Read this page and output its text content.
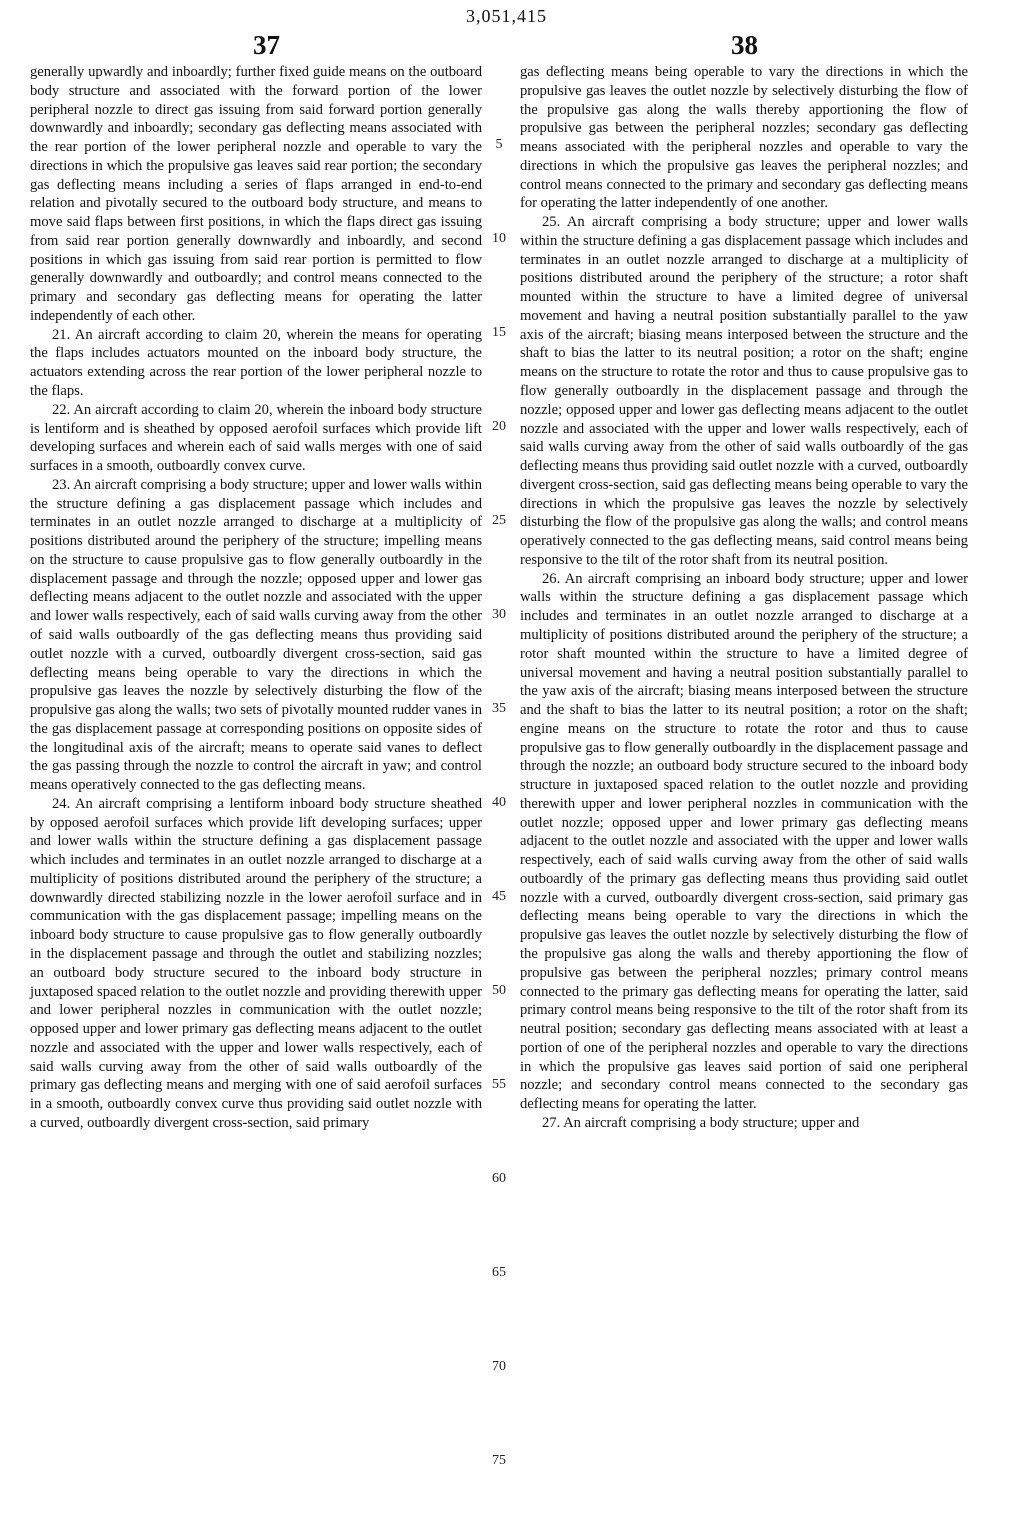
37
3,051,415
38

generally upwardly and inboardly; further fixed guide means on the outboard body structure and associated with the forward portion of the lower peripheral nozzle to direct gas issuing from said forward portion generally downwardly and inboardly; secondary gas deflecting means associated with the rear portion of the lower peripheral nozzle and operable to vary the directions in which the propulsive gas leaves said rear portion; the secondary gas deflecting means including a series of flaps arranged in end-to-end relation and pivotally secured to the outboard body structure, and means to move said flaps between first positions, in which the flaps direct gas issuing from said rear portion generally downwardly and inboardly, and second positions in which gas issuing from said rear portion is permitted to flow generally downwardly and outboardly; and control means connected to the primary and secondary gas deflecting means for operating the latter independently of each other.

21. An aircraft according to claim 20, wherein the means for operating the flaps includes actuators mounted on the inboard body structure, the actuators extending across the rear portion of the lower peripheral nozzle to the flaps.

22. An aircraft according to claim 20, wherein the inboard body structure is lentiform and is sheathed by opposed aerofoil surfaces which provide lift developing surfaces and wherein each of said walls merges with one of said surfaces in a smooth, outboardly convex curve.

23. An aircraft comprising a body structure; upper and lower walls within the structure defining a gas displacement passage which includes and terminates in an outlet nozzle arranged to discharge at a multiplicity of positions distributed around the periphery of the structure; impelling means on the structure to cause propulsive gas to flow generally outboardly in the displacement passage and through the nozzle; opposed upper and lower gas deflecting means adjacent to the outlet nozzle and associated with the upper and lower walls respectively, each of said walls curving away from the other of said walls outboardly of the gas deflecting means thus providing said outlet nozzle with a curved, outboardly divergent cross-section, said gas deflecting means being operable to vary the directions in which the propulsive gas leaves the nozzle by selectively disturbing the flow of the propulsive gas along the walls; two sets of pivotally mounted rudder vanes in the gas displacement passage at corresponding positions on opposite sides of the longitudinal axis of the aircraft; means to operate said vanes to deflect the gas passing through the nozzle to control the aircraft in yaw; and control means operatively connected to the gas deflecting means.

24. An aircraft comprising a lentiform inboard body structure sheathed by opposed aerofoil surfaces which provide lift developing surfaces; upper and lower walls within the structure defining a gas displacement passage which includes and terminates in an outlet nozzle arranged to discharge at a multiplicity of positions distributed around the periphery of the structure; a downwardly directed stabilizing nozzle in the lower aerofoil surface and in communication with the gas displacement passage; impelling means on the inboard body structure to cause propulsive gas to flow generally outboardly in the displacement passage and through the outlet and stabilizing nozzles; an outboard body structure secured to the inboard body structure in juxtaposed spaced relation to the outlet nozzle and providing therewith upper and lower peripheral nozzles in communication with the outlet nozzle; opposed upper and lower primary gas deflecting means adjacent to the outlet nozzle and associated with the upper and lower walls respectively, each of said walls curving away from the other of said walls outboardly of the primary gas deflecting means and merging with one of said aerofoil surfaces in a smooth, outboardly convex curve thus providing said outlet nozzle with a curved, outboardly divergent cross-section, said primary

gas deflecting means being operable to vary the directions in which the propulsive gas leaves the outlet nozzle by selectively disturbing the flow of the propulsive gas along the walls thereby apportioning the flow of propulsive gas between the peripheral nozzles; secondary gas deflecting means associated with the peripheral nozzles and operable to vary the directions in which the propulsive gas leaves the peripheral nozzles; and control means connected to the primary and secondary gas deflecting means for operating the latter independently of one another.

25. An aircraft comprising a body structure; upper and lower walls within the structure defining a gas displacement passage which includes and terminates in an outlet nozzle arranged to discharge at a multiplicity of positions distributed around the periphery of the structure; a rotor shaft mounted within the structure to have a limited degree of universal movement and having a neutral position substantially parallel to the yaw axis of the aircraft; biasing means interposed between the structure and the shaft to bias the latter to its neutral position; a rotor on the shaft; engine means on the structure to rotate the rotor and thus to cause propulsive gas to flow generally outboardly in the displacement passage and through the nozzle; opposed upper and lower gas deflecting means adjacent to the outlet nozzle and associated with the upper and lower walls respectively, each of said walls curving away from the other of said walls outboardly of the gas deflecting means thus providing said outlet nozzle with a curved, outboardly divergent cross-section, said gas deflecting means being operable to vary the directions in which the propulsive gas leaves the nozzle by selectively disturbing the flow of the propulsive gas along the walls; and control means operatively connected to the gas deflecting means, said control means being responsive to the tilt of the rotor shaft from its neutral position.

26. An aircraft comprising an inboard body structure; upper and lower walls within the structure defining a gas displacement passage which includes and terminates in an outlet nozzle arranged to discharge at a multiplicity of positions distributed around the periphery of the structure; a rotor shaft mounted within the structure to have a limited degree of universal movement and having a neutral position substantially parallel to the yaw axis of the aircraft; biasing means interposed between the structure and the shaft to bias the latter to its neutral position; a rotor on the shaft; engine means on the structure to rotate the rotor and thus to cause propulsive gas to flow generally outboardly in the displacement passage and through the nozzle; an outboard body structure secured to the inboard body structure in juxtaposed spaced relation to the outlet nozzle and providing therewith upper and lower peripheral nozzles in communication with the outlet nozzle; opposed upper and lower primary gas deflecting means adjacent to the outlet nozzle and associated with the upper and lower walls respectively, each of said walls curving away from the other of said walls outboardly of the primary gas deflecting means thus providing said outlet nozzle with a curved, outboardly divergent cross-section, said primary gas deflecting means being operable to vary the directions in which the propulsive gas leaves the outlet nozzle by selectively disturbing the flow of the propulsive gas along the walls and thereby apportioning the flow of propulsive gas between the peripheral nozzles; primary control means connected to the primary gas deflecting means for operating the latter, said primary control means being responsive to the tilt of the rotor shaft from its neutral position; secondary gas deflecting means associated with at least a portion of one of the peripheral nozzles and operable to vary the directions in which the propulsive gas leaves said portion of said one peripheral nozzle; and secondary control means connected to the secondary gas deflecting means for operating the latter.

27. An aircraft comprising a body structure; upper and

5
10
15
20
25
30
35
40
45
50
55
60
65
70
75
